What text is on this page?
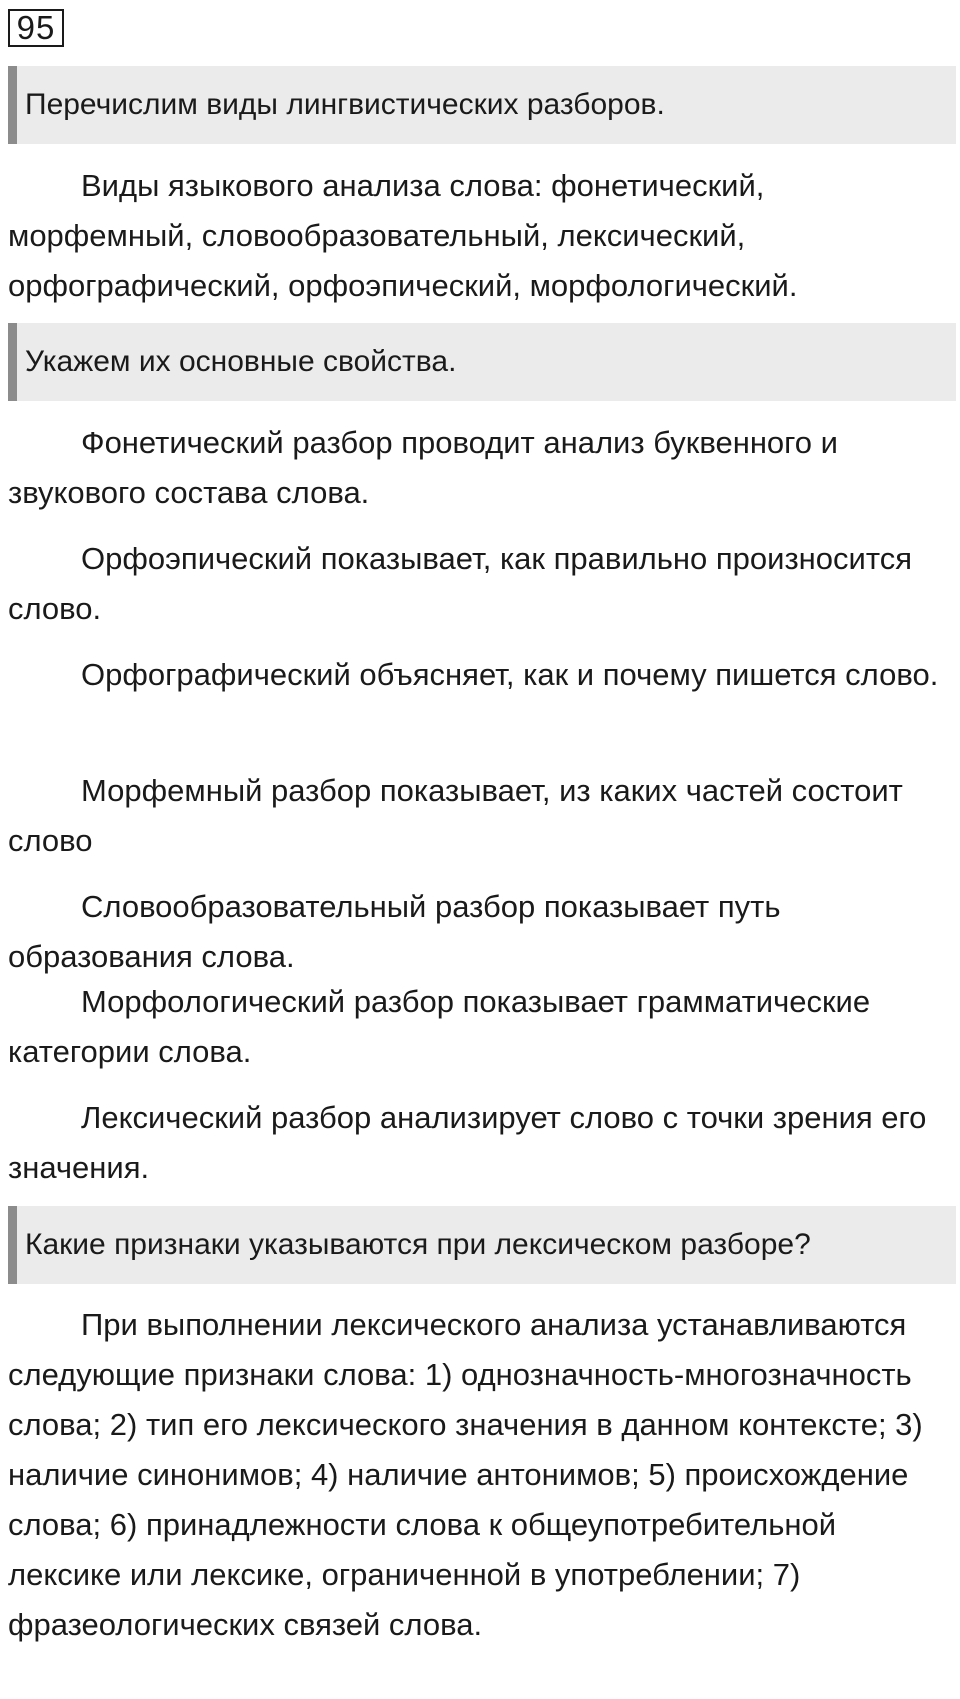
95
Перечислим виды лингвистических разборов.

Виды языкового анализа слова: фонетический, морфемный, словообразовательный, лексический, орфографический, орфоэпический, морфологический.

Укажем их основные свойства.

Фонетический разбор проводит анализ буквенного и звукового состава слова.

Орфоэпический показывает, как правильно произносится слово.

Орфографический объясняет, как и почему пишется слово.

Морфемный разбор показывает, из каких частей состоит слово

Словообразовательный разбор показывает путь образования слова.

Морфологический разбор показывает грамматические категории слова.

Лексический разбор анализирует слово с точки зрения его значения.

Какие признаки указываются при лексическом разборе?

При выполнении лексического анализа устанавливаются следующие признаки слова: 1) однозначность-многозначность слова; 2) тип его лексического значения в данном контексте; 3) наличие синонимов; 4) наличие антонимов; 5) происхождение слова; 6) принадлежности слова к общеупотребительной лексике или лексике, ограниченной в употреблении; 7) фразеологических связей слова.
